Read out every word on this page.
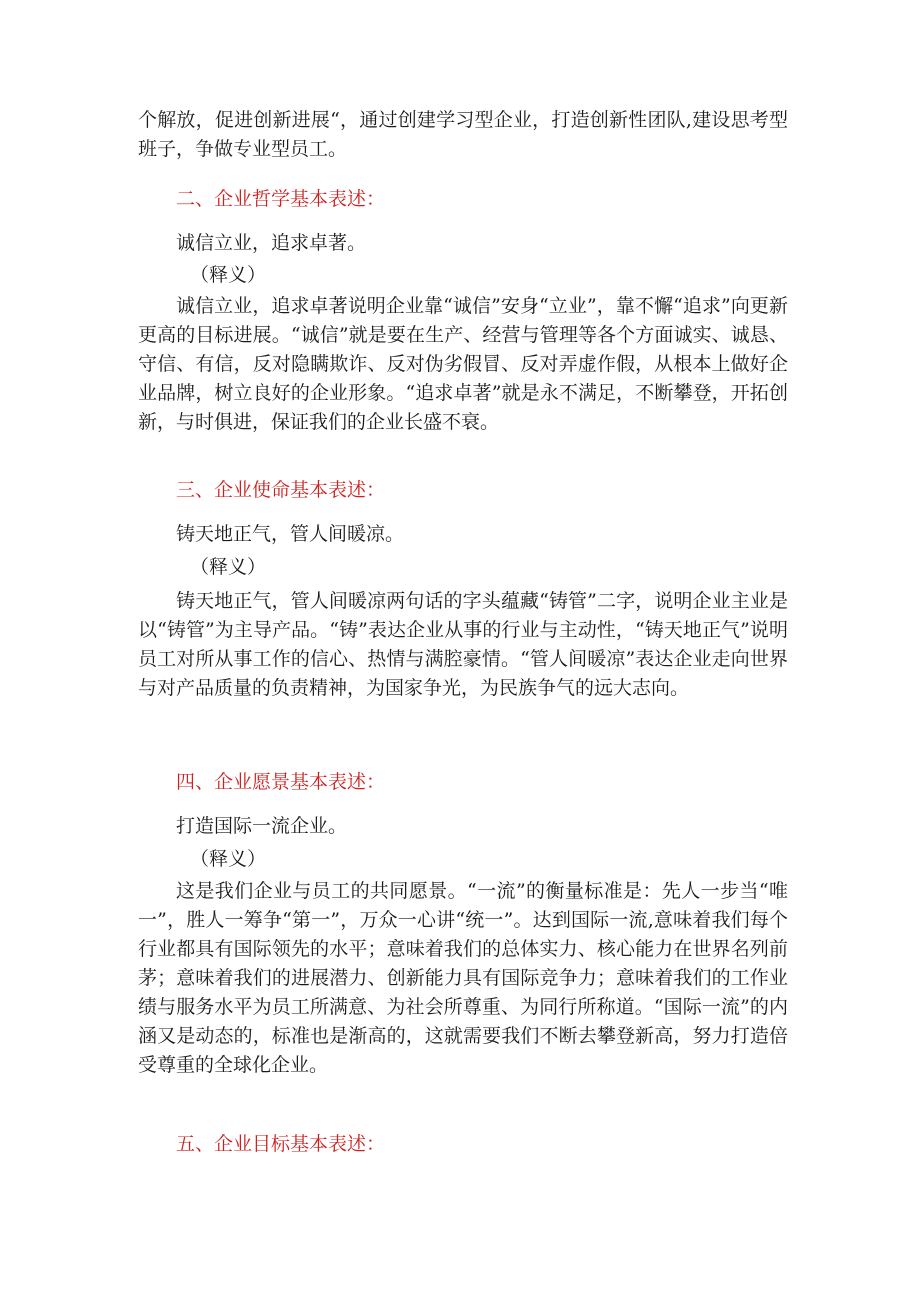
个解放，促进创新进展“，通过创建学习型企业，打造创新性团队,建设思考型班子，争做专业型员工。

二、企业哲学基本表述：

诚信立业，追求卓著。

（释义）

诚信立业，追求卓著说明企业靠“诚信”安身“立业”，靠不懈“追求”向更新更高的目标进展。“诚信”就是要在生产、经营与管理等各个方面诚实、诚恳、守信、有信，反对隐瞒欺诈、反对伪劣假冒、反对弄虚作假，从根本上做好企业品牌，树立良好的企业形象。“追求卓著”就是永不满足，不断攀登，开拓创新，与时俱进，保证我们的企业长盛不衰。

三、企业使命基本表述：

铸天地正气，管人间暖凉。

（释义）

铸天地正气，管人间暖凉两句话的字头蕴藏“铸管”二字，说明企业主业是以“铸管”为主导产品。“铸”表达企业从事的行业与主动性，“铸天地正气”说明员工对所从事工作的信心、热情与满腔豪情。“管人间暖凉”表达企业走向世界与对产品质量的负责精神，为国家争光，为民族争气的远大志向。

四、企业愿景基本表述：

打造国际一流企业。

（释义）

这是我们企业与员工的共同愿景。“一流”的衡量标准是：先人一步当“唯一”，胜人一筹争“第一”，万众一心讲“统一”。达到国际一流,意味着我们每个行业都具有国际领先的水平；意味着我们的总体实力、核心能力在世界名列前茅；意味着我们的进展潜力、创新能力具有国际竞争力；意味着我们的工作业绩与服务水平为员工所满意、为社会所尊重、为同行所称道。“国际一流”的内涵又是动态的，标准也是渐高的，这就需要我们不断去攀登新高，努力打造倍受尊重的全球化企业。

五、企业目标基本表述：
